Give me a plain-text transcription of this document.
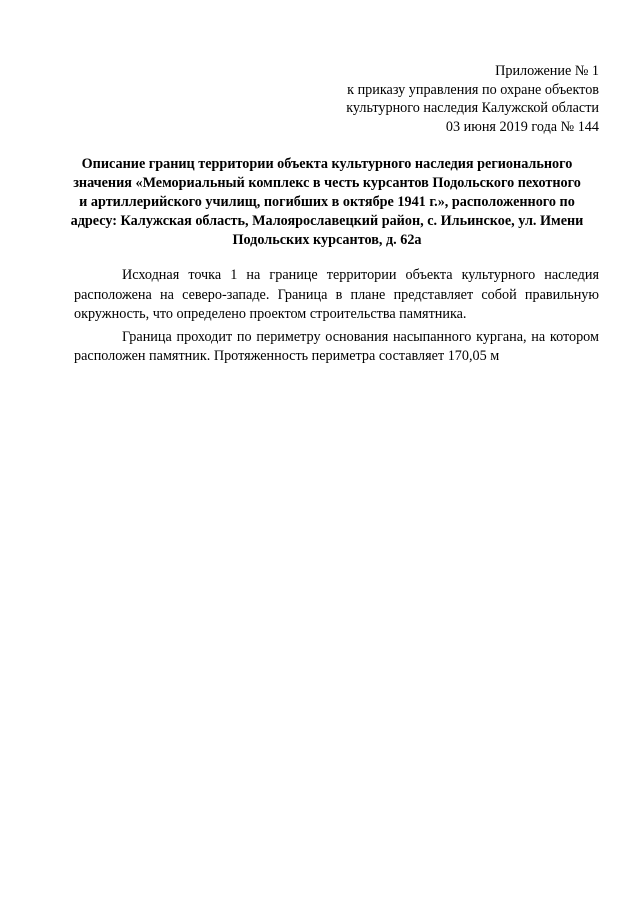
Приложение № 1
к приказу управления по охране объектов
культурного наследия Калужской области
03 июня 2019 года № 144
Описание границ территории объекта культурного наследия регионального значения «Мемориальный комплекс в честь курсантов Подольского пехотного и артиллерийского училищ, погибших в октябре 1941 г.», расположенного по адресу: Калужская область, Малоярославецкий район, с. Ильинское, ул. Имени Подольских курсантов, д. 62а

Исходная точка 1 на границе территории объекта культурного наследия расположена на северо-западе. Граница в плане представляет собой правильную окружность, что определено проектом строительства памятника.

Граница проходит по периметру основания насыпанного кургана, на котором расположен памятник. Протяженность периметра составляет 170,05 м
